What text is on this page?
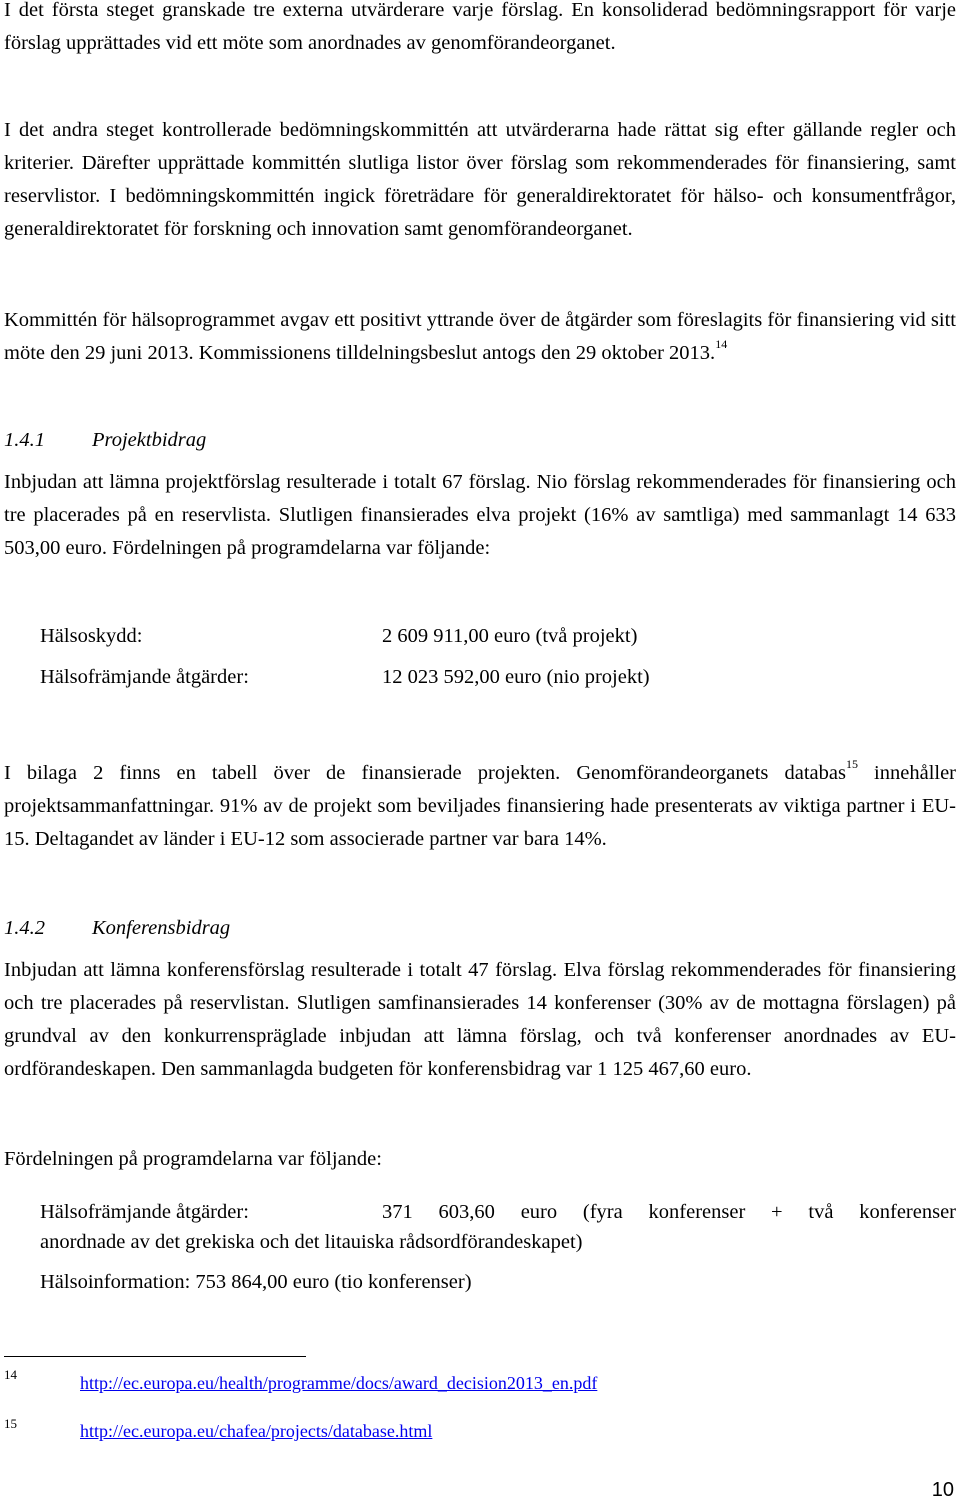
I det första steget granskade tre externa utvärderare varje förslag. En konsoliderad bedömningsrapport för varje förslag upprättades vid ett möte som anordnades av genomförandeorganet.

I det andra steget kontrollerade bedömningskommittén att utvärderarna hade rättat sig efter gällande regler och kriterier. Därefter upprättade kommittén slutliga listor över förslag som rekommenderades för finansiering, samt reservlistor. I bedömningskommittén ingick företrädare för generaldirektoratet för hälso- och konsumentfrågor, generaldirektoratet för forskning och innovation samt genomförandeorganet.

Kommittén för hälsoprogrammet avgav ett positivt yttrande över de åtgärder som föreslagits för finansiering vid sitt möte den 29 juni 2013. Kommissionens tilldelningsbeslut antogs den 29 oktober 2013.14

1.4.1 Projektbidrag

Inbjudan att lämna projektförslag resulterade i totalt 67 förslag. Nio förslag rekommenderades för finansiering och tre placerades på en reservlista. Slutligen finansierades elva projekt (16% av samtliga) med sammanlagt 14 633 503,00 euro. Fördelningen på programdelarna var följande:

Hälsoskydd:	2 609 911,00 euro (två projekt)
Hälsofrämjande åtgärder:	12 023 592,00 euro (nio projekt)

I bilaga 2 finns en tabell över de finansierade projekten. Genomförandeorganets databas$^{15}$ innehåller projektsammanfattningar. 91% av de projekt som beviljades finansiering hade presenterats av viktiga partner i EU-15. Deltagandet av länder i EU-12 som associerade partner var bara 14%.

1.4.2 Konferensbidrag

Inbjudan att lämna konferensförslag resulterade i totalt 47 förslag. Elva förslag rekommenderades för finansiering och tre placerades på reservlistan. Slutligen samfinansierades 14 konferenser (30% av de mottagna förslagen) på grundval av den konkurrenspräglade inbjudan att lämna förslag, och två konferenser anordnades av EU-ordförandeskapen. Den sammanlagda budgeten för konferensbidrag var 1 125 467,60 euro.

Fördelningen på programdelarna var följande:

Hälsofrämjande åtgärder:	371 603,60 euro (fyra konferenser + två konferenser
anordnade av det grekiska och det litauiska rådsordförandeskapet)
Hälsoinformation: 753 864,00 euro (tio konferenser)
14	http://ec.europa.eu/health/programme/docs/award_decision2013_en.pdf
15	http://ec.europa.eu/chafea/projects/database.html
10
